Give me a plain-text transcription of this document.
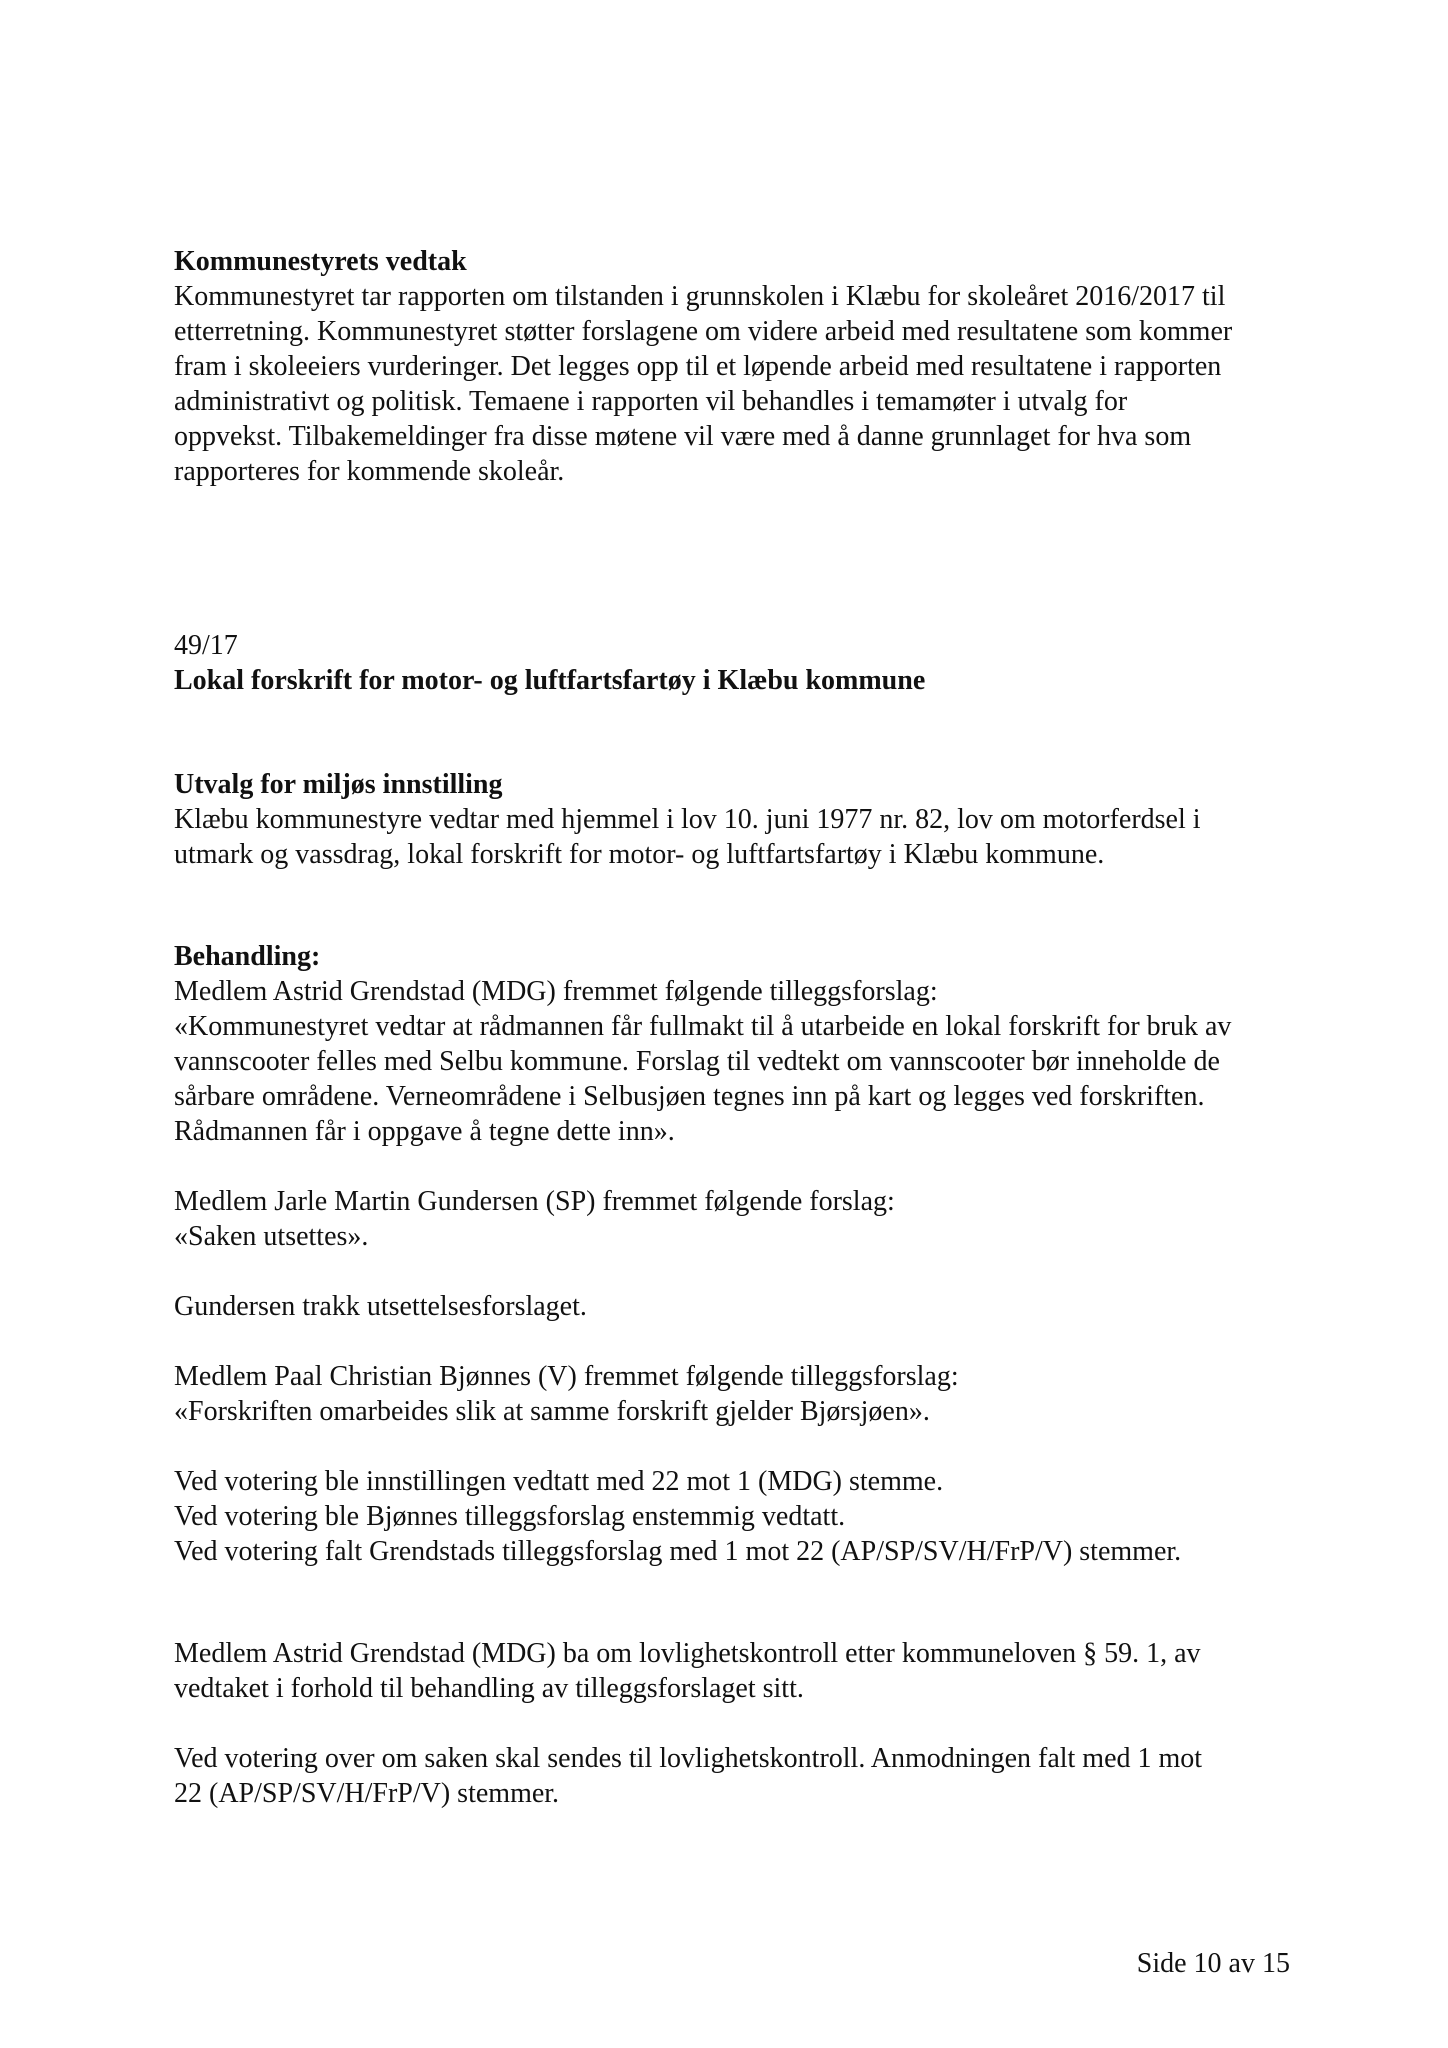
Kommunestyrets vedtak
Kommunestyret tar rapporten om tilstanden i grunnskolen i Klæbu for skoleåret 2016/2017 til
etterretning. Kommunestyret støtter forslagene om videre arbeid med resultatene som kommer
fram i skoleeiers vurderinger. Det legges opp til et løpende arbeid med resultatene i rapporten
administrativt og politisk. Temaene i rapporten vil behandles i temamøter i utvalg for
oppvekst. Tilbakemeldinger fra disse møtene vil være med å danne grunnlaget for hva som
rapporteres for kommende skoleår.
49/17
Lokal forskrift for motor- og luftfartsfartøy i Klæbu kommune
Utvalg for miljøs innstilling
Klæbu kommunestyre vedtar med hjemmel i lov 10. juni 1977 nr. 82, lov om motorferdsel i
utmark og vassdrag, lokal forskrift for motor- og luftfartsfartøy i Klæbu kommune.
Behandling:
Medlem Astrid Grendstad (MDG) fremmet følgende tilleggsforslag:
«Kommunestyret vedtar at rådmannen får fullmakt til å utarbeide en lokal forskrift for bruk av
vannscooter felles med Selbu kommune. Forslag til vedtekt om vannscooter bør inneholde de
sårbare områdene. Verneområdene i Selbusjøen tegnes inn på kart og legges ved forskriften.
Rådmannen får i oppgave å tegne dette inn».
Medlem Jarle Martin Gundersen (SP) fremmet følgende forslag:
«Saken utsettes».
Gundersen trakk utsettelsesforslaget.
Medlem Paal Christian Bjønnes (V) fremmet følgende tilleggsforslag:
«Forskriften omarbeides slik at samme forskrift gjelder Bjørsjøen».
Ved votering ble innstillingen vedtatt med 22 mot 1 (MDG) stemme.
Ved votering ble Bjønnes tilleggsforslag enstemmig vedtatt.
Ved votering falt Grendstads tilleggsforslag med 1 mot 22 (AP/SP/SV/H/FrP/V) stemmer.
Medlem Astrid Grendstad (MDG) ba om lovlighetskontroll etter kommuneloven § 59. 1, av
vedtaket i forhold til behandling av tilleggsforslaget sitt.
Ved votering over om saken skal sendes til lovlighetskontroll. Anmodningen falt med 1 mot
22 (AP/SP/SV/H/FrP/V) stemmer.
Side 10 av 15
